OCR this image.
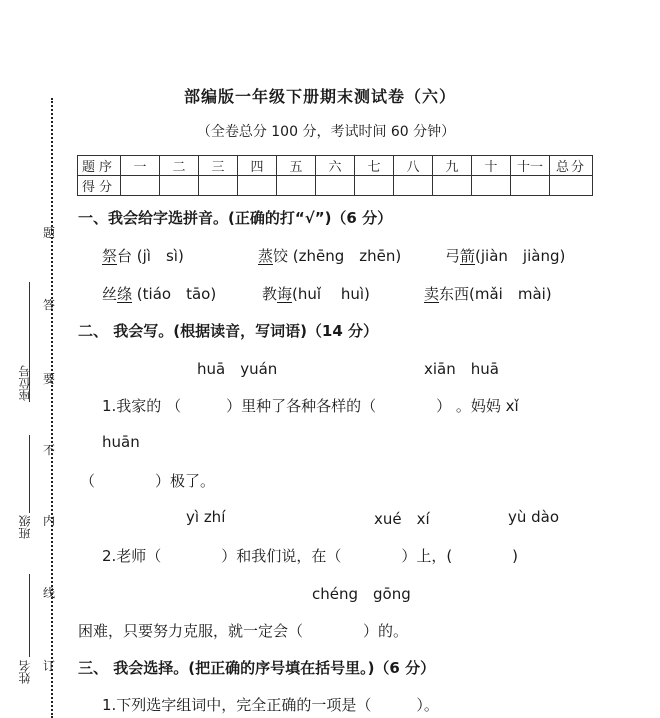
题
答
要
不
内
线
订
座位号
班级
姓名
部编版一年级下册期末测试卷（六）
（全卷总分 100 分，考试时间 60 分钟）
题序	一	二	三	四	五	六	七	八	九	十	十一	总分
得分												
一、我会给字选拼音。(正确的打“√”)（6 分）
祭台 (jì　sì)	蒸饺 (zhēng　zhēn)	弓箭(jiàn　jiàng)
丝绦 (tiáo　tāo)	教诲(huǐ　 huì)	卖东西(mǎi　mài)
二、 我会写。(根据读音，写词语)（14 分）
huā　yuán	xiān　huā
1.我家的 （　　　）里种了各种各样的（　　　　） 。妈妈 xǐ
huān
（　　　　）极了。
yì zhí	xué　xí	yù dào
2.老师（　　　　）和我们说，在（　　　　）上，(　　　　)
chéng　gōng
困难，只要努力克服，就一定会（　　　　）的。
三、 我会选择。(把正确的序号填在括号里。)（6 分）
1.下列选字组词中，完全正确的一项是（　　　）。
